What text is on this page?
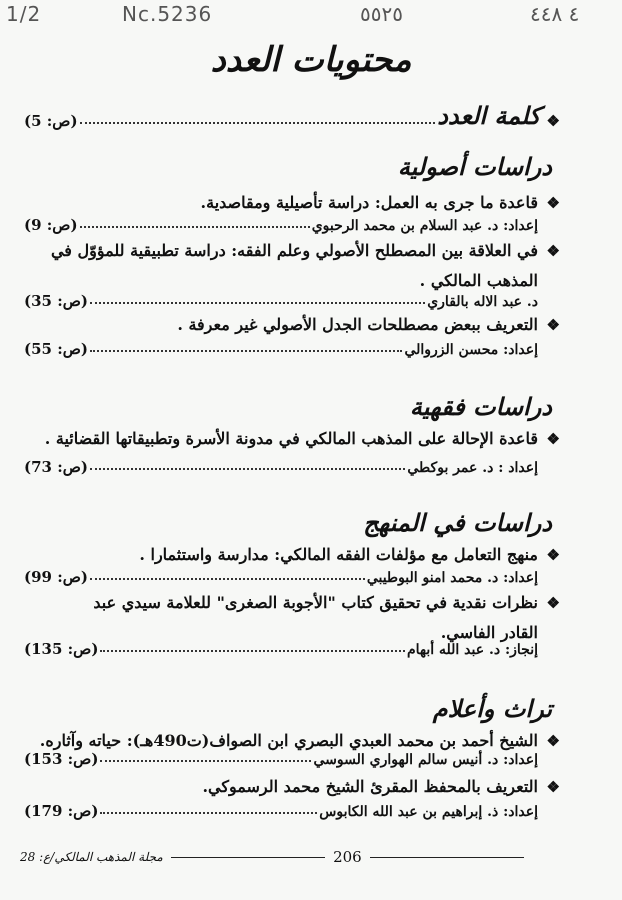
1/2	Nc.5236	٥٥٢٥	٤ ٤٤٨
محتويات العدد
❖
كلمة العدد
(ص: 5)
دراسات أصولية
❖
قاعدة ما جرى به العمل: دراسة تأصيلية ومقاصدية.
إعداد: د. عبد السلام بن محمد الرحبوي
(ص: 9)
❖
في العلاقة بين المصطلح الأصولي وعلم الفقه: دراسة تطبيقية للمؤوّل في
المذهب المالكي .
د. عبد الاله بالقاري
(ص: 35)
❖
التعريف ببعض مصطلحات الجدل الأصولي غير معرفة .
إعداد: محسن الزروالي
(ص: 55)
دراسات فقهية
❖
قاعدة الإحالة على المذهب المالكي في مدونة الأسرة وتطبيقاتها القضائية .
إعداد : د. عمر بوكطي
(ص: 73)
دراسات في المنهج
❖
منهج التعامل مع مؤلفات الفقه المالكي: مدارسة واستثمارا .
إعداد: د. محمد امنو البوطيبي
(ص: 99)
❖
نظرات نقدية في تحقيق كتاب "الأجوبة الصغرى" للعلامة سيدي عبد
القادر الفاسي.
إنجاز: د. عبد الله أبهام
(ص: 135)
تراث وأعلام
❖
الشيخ أحمد بن محمد العبدي البصري ابن الصواف(ت490هـ): حياته وآثاره.
إعداد: د. أنيس سالم الهواري السوسي
(ص: 153)
❖
التعريف بالمحفظ المقرئ الشيخ محمد الرسموكي.
إعداد: ذ. إبراهيم بن عبد الله الكابوس
(ص: 179)
مجلة المذهب المالكي/ع: 28	206
